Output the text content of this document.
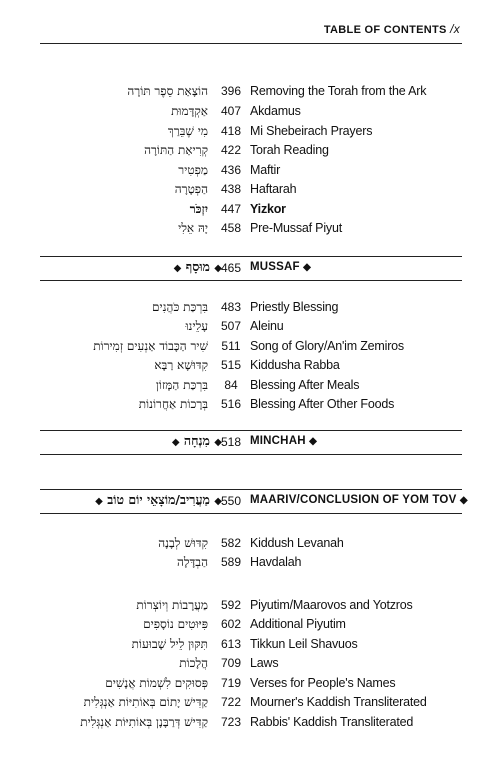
TABLE OF CONTENTS /x
הוֹצָאַת סֵפֶר תּוֹרָה 396 Removing the Torah from the Ark
אַקְדָּמוּת 407 Akdamus
מִי שֶׁבֵּרַךְ 418 Mi Shebeirach Prayers
קְרִיאַת הַתּוֹרָה 422 Torah Reading
מַפְטִיר 436 Maftir
הַפְטָרָה 438 Haftarah
יִזְכֹּר 447 Yizkor
יָהּ אֵלִי 458 Pre-Mussaf Piyut
◆ מוּסָף ◆	465 MUSSAF ◆
בִּרְכַּת כֹּהֲנִים 483 Priestly Blessing
עָלֵינוּ 507 Aleinu
שִׁיר הַכָּבוֹד אַנְעִים זְמִירוֹת 511 Song of Glory/An'im Zemiros
קִדּוּשָׁא רַבָּא 515 Kiddusha Rabba
בִּרְכַּת הַמָּזוֹן	84 Blessing After Meals
בְּרָכוֹת אַחֲרוֹנוֹת 516 Blessing After Other Foods
◆ מִנְחָה ◆	518 MINCHAH ◆
◆ מַעֲרִיב/מוֹצָאֵי יוֹם טוֹב ◆	550 MAARIV/CONCLUSION OF YOM TOV ◆
קִדּוּשׁ לְבָנָה 582 Kiddush Levanah
הַבְדָּלָה 589 Havdalah
מַעֲרָבוֹת וְיוֹצְרוֹת 592 Piyutim/Maarovos and Yotzros
פִּיּוּטִים נוֹסָפִים 602 Additional Piyutim
תִּקּוּן לֵיל שָׁבוּעוֹת 613 Tikkun Leil Shavuos
הֲלָכוֹת 709 Laws
פְּסוּקִים לִשְׁמוֹת אֲנָשִׁים 719 Verses for People's Names
קַדִּישׁ יָתוֹם בְּאוֹתִיּוֹת אַנְגְּלִית 722 Mourner's Kaddish Transliterated
קַדִּישׁ דְּרַבָּנָן בְּאוֹתִיּוֹת אַנְגְּלִית 723 Rabbis' Kaddish Transliterated
